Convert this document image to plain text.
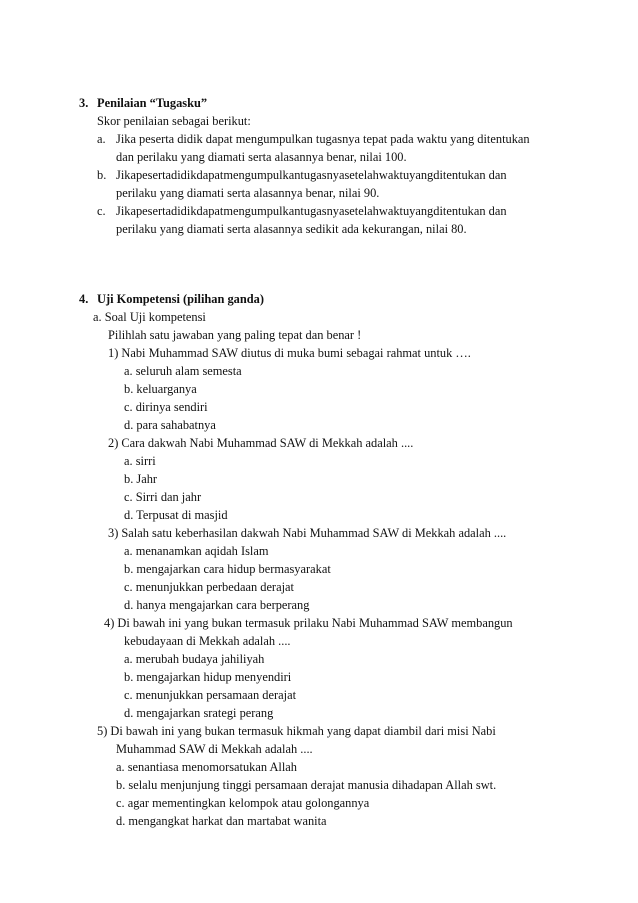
3. Penilaian “Tugasku”
Skor penilaian sebagai berikut:
a. Jika peserta didik dapat mengumpulkan tugasnya tepat pada waktu yang ditentukan
dan perilaku yang diamati serta alasannya benar, nilai 100.
b. Jikapesertadidikdapatmengumpulkantugasnyasetelahwaktuyangditentukan dan
perilaku yang diamati serta alasannya benar, nilai 90.
c. Jikapesertadidikdapatmengumpulkantugasnyasetelahwaktuyangditentukan dan
perilaku yang diamati serta alasannya sedikit ada kekurangan, nilai 80.
4. Uji Kompetensi (pilihan ganda)
a. Soal Uji kompetensi
Pilihlah satu jawaban yang paling tepat dan benar !
1) Nabi Muhammad SAW diutus di muka bumi sebagai rahmat untuk ….
a. seluruh alam semesta
b. keluarganya
c. dirinya sendiri
d. para sahabatnya
2) Cara dakwah Nabi Muhammad SAW di Mekkah adalah ....
a. sirri
b. Jahr
c. Sirri dan jahr
d. Terpusat di masjid
3) Salah satu keberhasilan dakwah Nabi Muhammad SAW di Mekkah adalah ....
a. menanamkan aqidah Islam
b. mengajarkan cara hidup bermasyarakat
c. menunjukkan perbedaan derajat
d. hanya mengajarkan cara berperang
4) Di bawah ini yang bukan termasuk prilaku Nabi Muhammad SAW membangun
kebudayaan di Mekkah adalah ....
a. merubah budaya jahiliyah
b. mengajarkan hidup menyendiri
c. menunjukkan persamaan derajat
d. mengajarkan srategi perang
5) Di bawah ini yang bukan termasuk hikmah yang dapat diambil dari misi Nabi
Muhammad SAW di Mekkah adalah ....
a. senantiasa menomorsatukan Allah
b. selalu menjunjung tinggi persamaan derajat manusia dihadapan Allah swt.
c. agar mementingkan kelompok atau golongannya
d. mengangkat harkat dan martabat wanita
